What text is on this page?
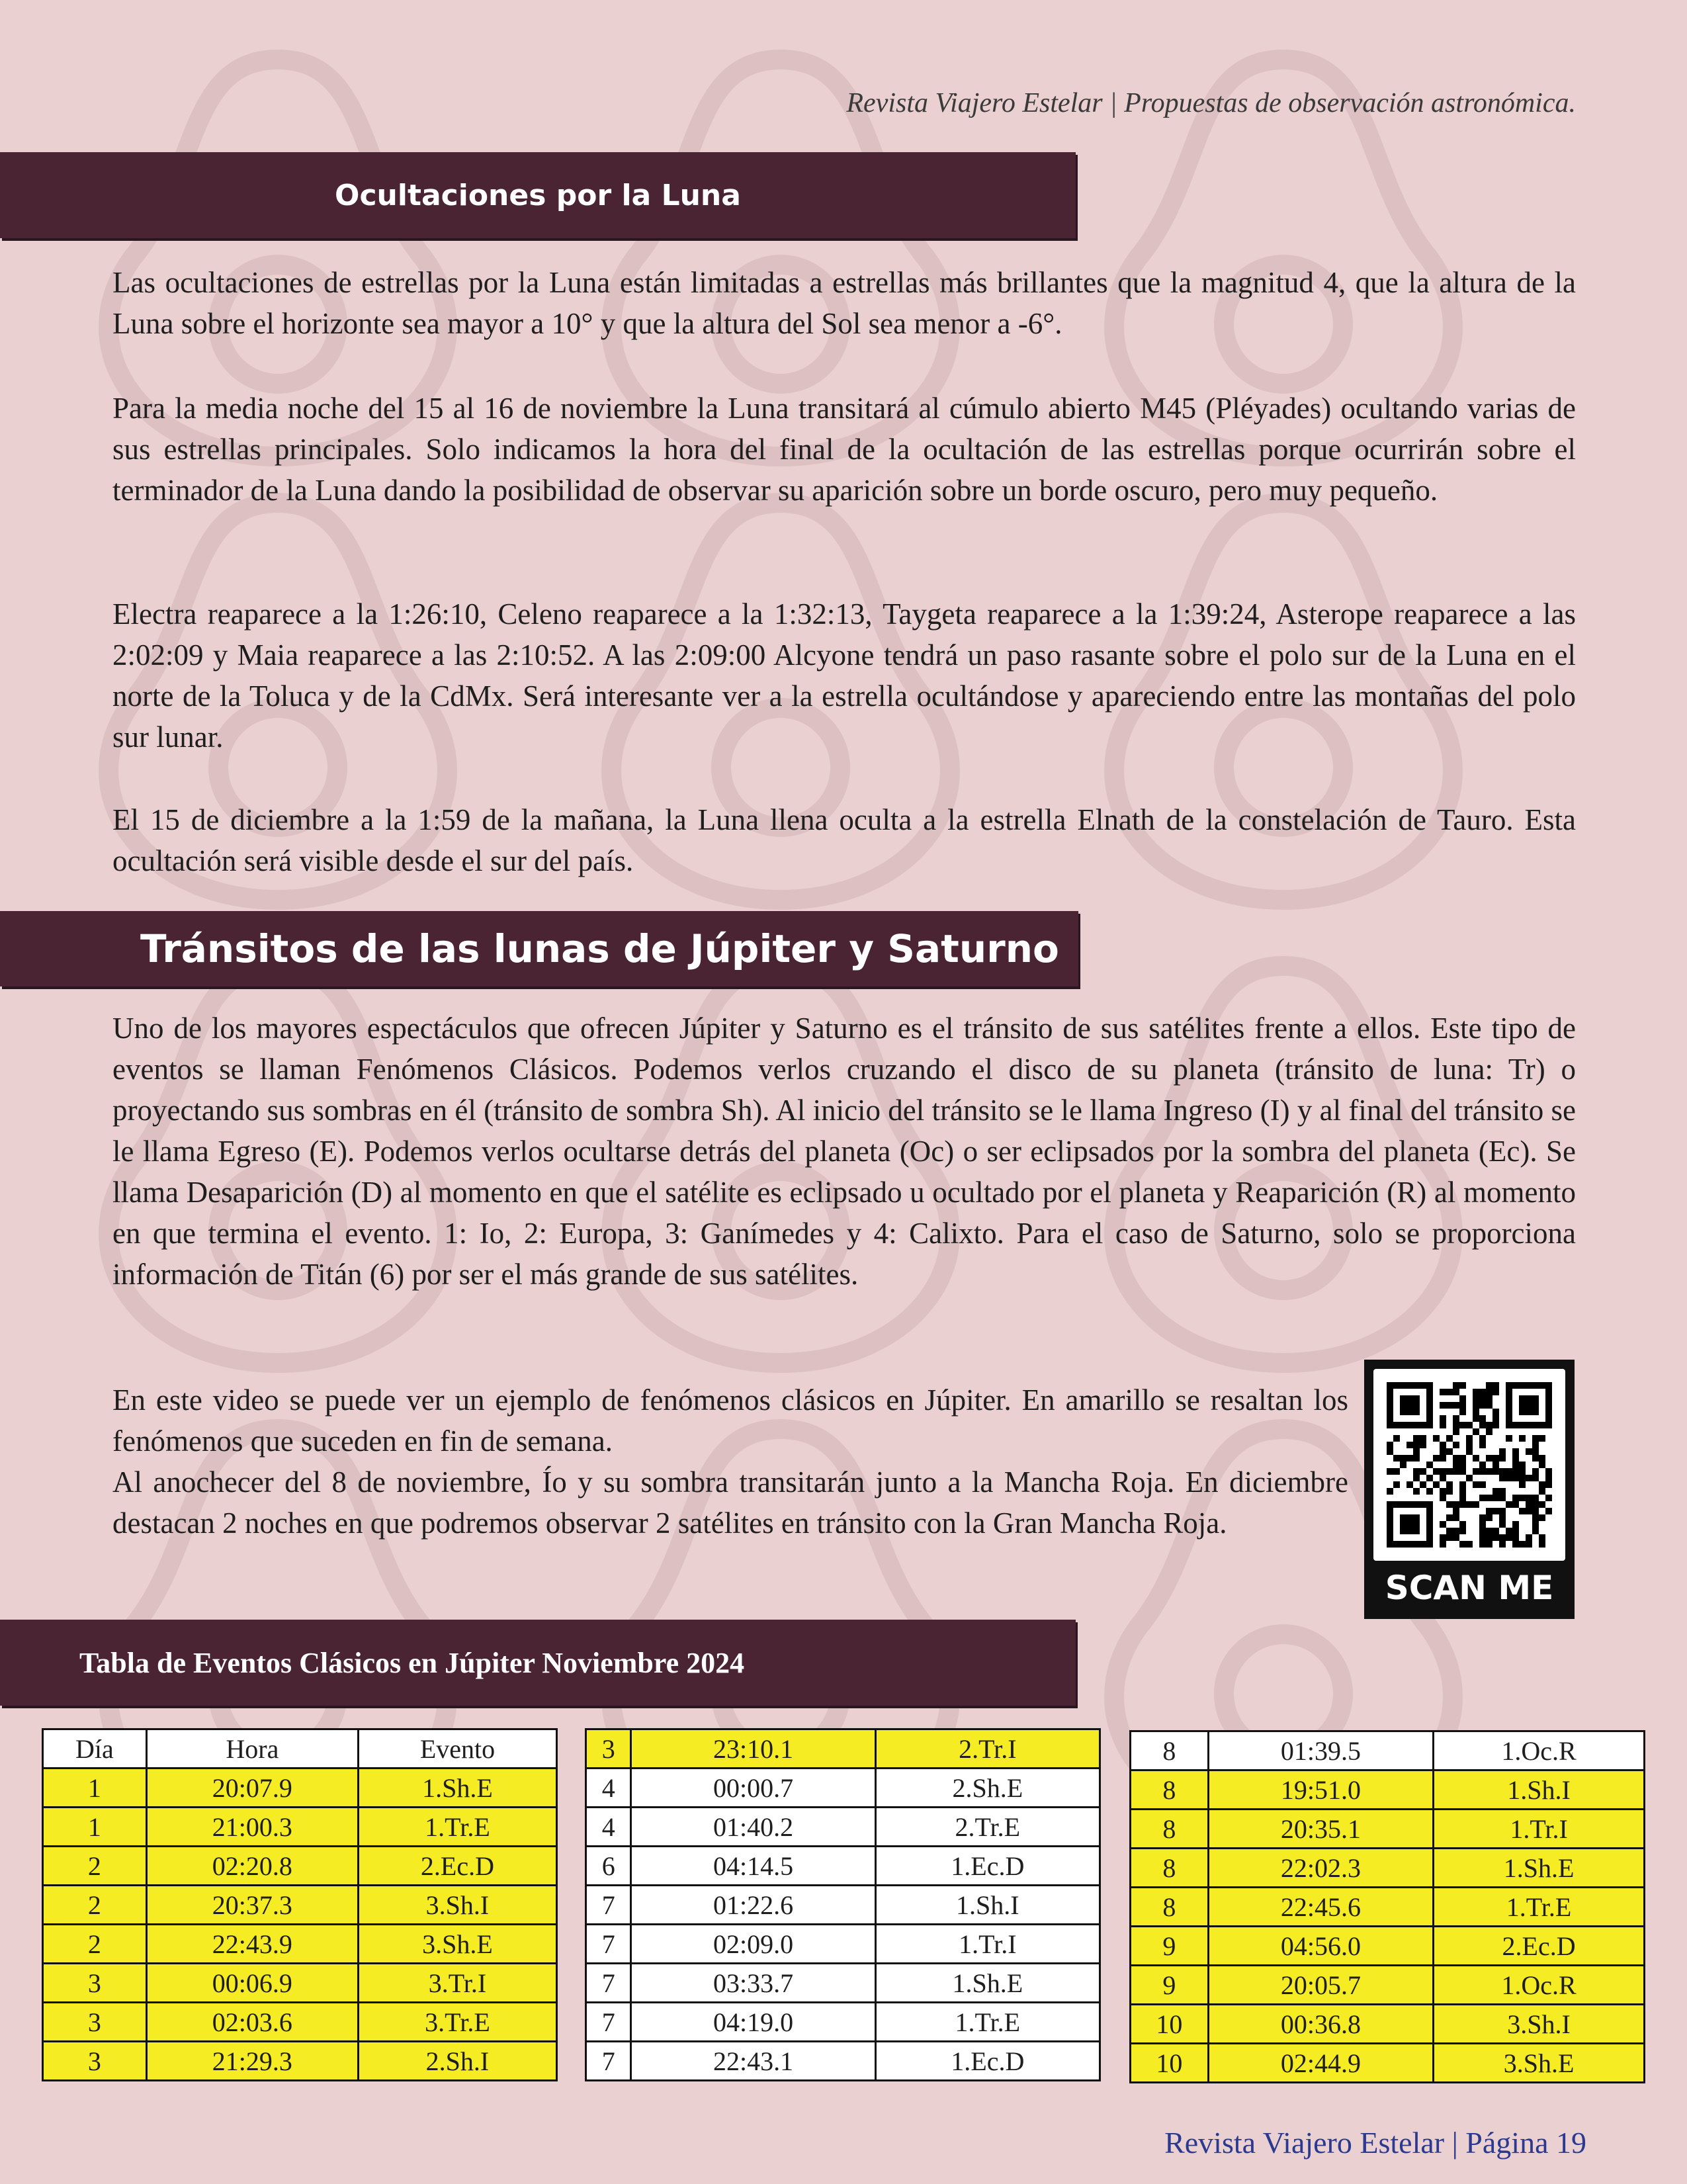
Revista Viajero Estelar | Propuestas de observación astronómica.
Ocultaciones por la Luna

Las ocultaciones de estrellas por la Luna están limitadas a estrellas más brillantes que la magnitud 4, que la altura de la Luna sobre el horizonte sea mayor a 10° y que la altura del Sol sea menor a -6°.

Para la media noche del 15 al 16 de noviembre la Luna transitará al cúmulo abierto M45 (Pléyades) ocultando varias de sus estrellas principales. Solo indicamos la hora del final de la ocultación de las estrellas porque ocurrirán sobre el terminador de la Luna dando la posibilidad de observar su aparición sobre un borde oscuro, pero muy pequeño.

Electra reaparece a la 1:26:10, Celeno reaparece a la 1:32:13, Taygeta reaparece a la 1:39:24, Asterope reaparece a las 2:02:09 y Maia reaparece a las 2:10:52. A las 2:09:00 Alcyone tendrá un paso rasante sobre el polo sur de la Luna en el norte de la Toluca y de la CdMx. Será interesante ver a la estrella ocultándose y apareciendo entre las montañas del polo sur lunar.

El 15 de diciembre a la 1:59 de la mañana, la Luna llena oculta a la estrella Elnath de la constelación de Tauro. Esta ocultación será visible desde el sur del país.

Tránsitos de las lunas de Júpiter y Saturno

Uno de los mayores espectáculos que ofrecen Júpiter y Saturno es el tránsito de sus satélites frente a ellos. Este tipo de eventos se llaman Fenómenos Clásicos. Podemos verlos cruzando el disco de su planeta (tránsito de luna: Tr) o proyectando sus sombras en él (tránsito de sombra Sh). Al inicio del tránsito se le llama Ingreso (I) y al final del tránsito se le llama Egreso (E). Podemos verlos ocultarse detrás del planeta (Oc) o ser eclipsados por la sombra del planeta (Ec). Se llama Desaparición (D) al momento en que el satélite es eclipsado u ocultado por el planeta y Reaparición (R) al momento en que termina el evento. 1: Io, 2: Europa, 3: Ganímedes y 4: Calixto. Para el caso de Saturno, solo se proporciona información de Titán (6) por ser el más grande de sus satélites.

En este video se puede ver un ejemplo de fenómenos clásicos en Júpiter. En amarillo se resaltan los fenómenos que suceden en fin de semana.
Al anochecer del 8 de noviembre, Ío y su sombra transitarán junto a la Mancha Roja. En diciembre destacan 2 noches en que podremos observar 2 satélites en tránsito con la Gran Mancha Roja.
SCAN ME
Tabla de Eventos Clásicos en Júpiter Noviembre 2024
Día	Hora	Evento
1	20:07.9	1.Sh.E
1	21:00.3	1.Tr.E
2	02:20.8	2.Ec.D
2	20:37.3	3.Sh.I
2	22:43.9	3.Sh.E
3	00:06.9	3.Tr.I
3	02:03.6	3.Tr.E
3	21:29.3	2.Sh.I
3	23:10.1	2.Tr.I
4	00:00.7	2.Sh.E
4	01:40.2	2.Tr.E
6	04:14.5	1.Ec.D
7	01:22.6	1.Sh.I
7	02:09.0	1.Tr.I
7	03:33.7	1.Sh.E
7	04:19.0	1.Tr.E
7	22:43.1	1.Ec.D
8	01:39.5	1.Oc.R
8	19:51.0	1.Sh.I
8	20:35.1	1.Tr.I
8	22:02.3	1.Sh.E
8	22:45.6	1.Tr.E
9	04:56.0	2.Ec.D
9	20:05.7	1.Oc.R
10	00:36.8	3.Sh.I
10	02:44.9	3.Sh.E
Revista Viajero Estelar | Página 19
